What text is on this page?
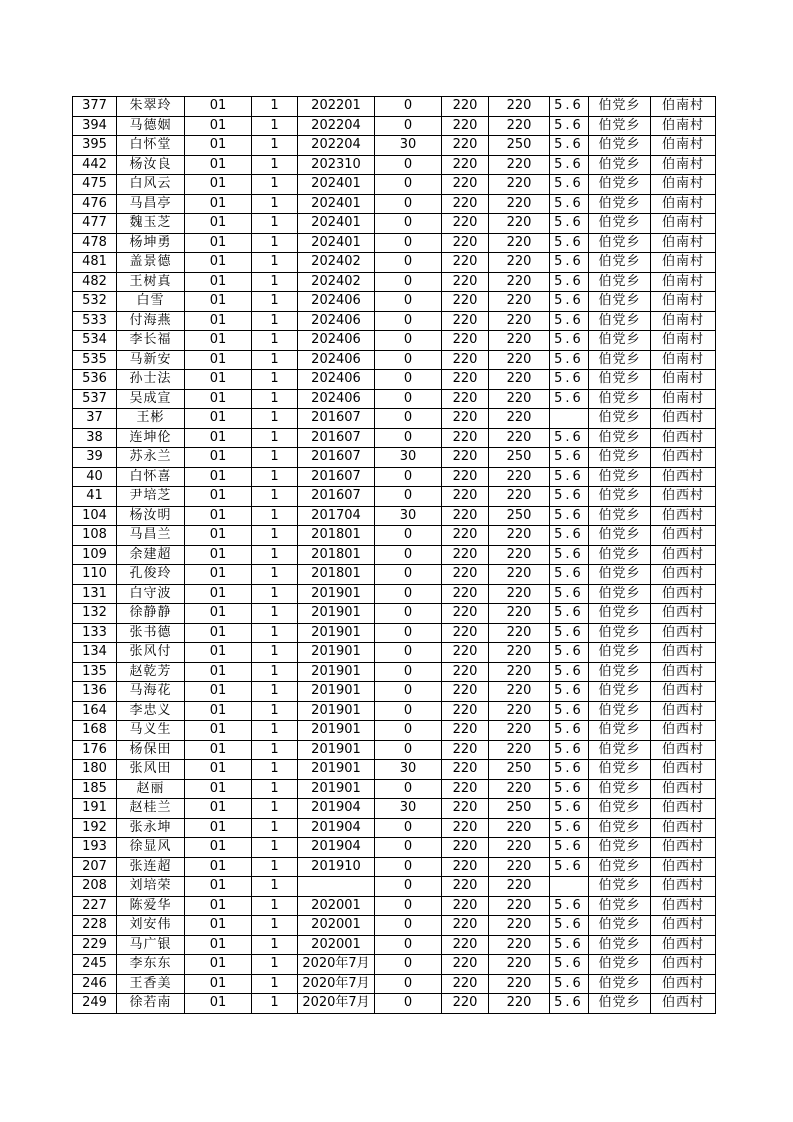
377	朱翠玲	01	1	202201	0	220	220	5.6	伯党乡	伯南村
394	马德姻	01	1	202204	0	220	220	5.6	伯党乡	伯南村
395	白怀堂	01	1	202204	30	220	250	5.6	伯党乡	伯南村
442	杨汝良	01	1	202310	0	220	220	5.6	伯党乡	伯南村
475	白风云	01	1	202401	0	220	220	5.6	伯党乡	伯南村
476	马昌亭	01	1	202401	0	220	220	5.6	伯党乡	伯南村
477	魏玉芝	01	1	202401	0	220	220	5.6	伯党乡	伯南村
478	杨坤勇	01	1	202401	0	220	220	5.6	伯党乡	伯南村
481	盖景德	01	1	202402	0	220	220	5.6	伯党乡	伯南村
482	王树真	01	1	202402	0	220	220	5.6	伯党乡	伯南村
532	白雪	01	1	202406	0	220	220	5.6	伯党乡	伯南村
533	付海燕	01	1	202406	0	220	220	5.6	伯党乡	伯南村
534	李长福	01	1	202406	0	220	220	5.6	伯党乡	伯南村
535	马新安	01	1	202406	0	220	220	5.6	伯党乡	伯南村
536	孙士法	01	1	202406	0	220	220	5.6	伯党乡	伯南村
537	吴成宣	01	1	202406	0	220	220	5.6	伯党乡	伯南村
37	王彬	01	1	201607	0	220	220		伯党乡	伯西村
38	连坤伦	01	1	201607	0	220	220	5.6	伯党乡	伯西村
39	苏永兰	01	1	201607	30	220	250	5.6	伯党乡	伯西村
40	白怀喜	01	1	201607	0	220	220	5.6	伯党乡	伯西村
41	尹培芝	01	1	201607	0	220	220	5.6	伯党乡	伯西村
104	杨汝明	01	1	201704	30	220	250	5.6	伯党乡	伯西村
108	马昌兰	01	1	201801	0	220	220	5.6	伯党乡	伯西村
109	余建超	01	1	201801	0	220	220	5.6	伯党乡	伯西村
110	孔俊玲	01	1	201801	0	220	220	5.6	伯党乡	伯西村
131	白守波	01	1	201901	0	220	220	5.6	伯党乡	伯西村
132	徐静静	01	1	201901	0	220	220	5.6	伯党乡	伯西村
133	张书德	01	1	201901	0	220	220	5.6	伯党乡	伯西村
134	张风付	01	1	201901	0	220	220	5.6	伯党乡	伯西村
135	赵乾芳	01	1	201901	0	220	220	5.6	伯党乡	伯西村
136	马海花	01	1	201901	0	220	220	5.6	伯党乡	伯西村
164	李忠义	01	1	201901	0	220	220	5.6	伯党乡	伯西村
168	马义生	01	1	201901	0	220	220	5.6	伯党乡	伯西村
176	杨保田	01	1	201901	0	220	220	5.6	伯党乡	伯西村
180	张风田	01	1	201901	30	220	250	5.6	伯党乡	伯西村
185	赵丽	01	1	201901	0	220	220	5.6	伯党乡	伯西村
191	赵桂兰	01	1	201904	30	220	250	5.6	伯党乡	伯西村
192	张永坤	01	1	201904	0	220	220	5.6	伯党乡	伯西村
193	徐显风	01	1	201904	0	220	220	5.6	伯党乡	伯西村
207	张连超	01	1	201910	0	220	220	5.6	伯党乡	伯西村
208	刘培荣	01	1		0	220	220		伯党乡	伯西村
227	陈爱华	01	1	202001	0	220	220	5.6	伯党乡	伯西村
228	刘安伟	01	1	202001	0	220	220	5.6	伯党乡	伯西村
229	马广银	01	1	202001	0	220	220	5.6	伯党乡	伯西村
245	李东东	01	1	2020年7月	0	220	220	5.6	伯党乡	伯西村
246	王香美	01	1	2020年7月	0	220	220	5.6	伯党乡	伯西村
249	徐若南	01	1	2020年7月	0	220	220	5.6	伯党乡	伯西村
